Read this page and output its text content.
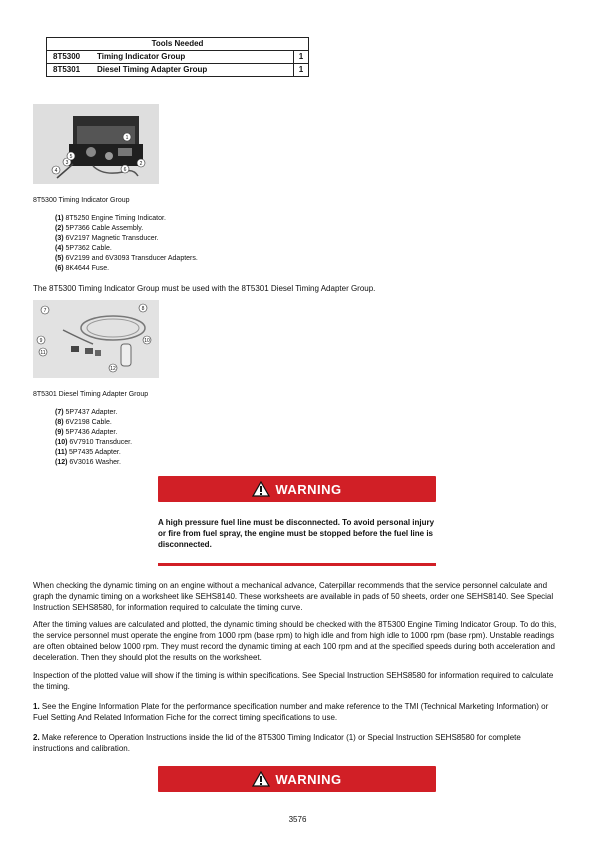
Tools Needed
8T5300	Timing Indicator Group	1
8T5301	Diesel Timing Adapter Group	1
1
2
3
4
5
6
8T5300 Timing Indicator Group
(1) 8T5250 Engine Timing Indicator.
(2) 5P7366 Cable Assembly.
(3) 6V2197 Magnetic Transducer.
(4) 5P7362 Cable.
(5) 6V2199 and 6V3093 Transducer Adapters.
(6) 8K4644 Fuse.
The 8T5300 Timing Indicator Group must be used with the 8T5301 Diesel Timing Adapter Group.
7	8
9	10
11
12
8T5301 Diesel Timing Adapter Group
(7) 5P7437 Adapter.
(8) 6V2198 Cable.
(9) 5P7436 Adapter.
(10) 6V7910 Transducer.
(11) 5P7435 Adapter.
(12) 6V3016 Washer.
WARNING
A high pressure fuel line must be disconnected. To avoid personal injury or fire from fuel spray, the engine must be stopped before the fuel line is disconnected.
When checking the dynamic timing on an engine without a mechanical advance, Caterpillar recommends that the service personnel calculate and graph the dynamic timing on a worksheet like SEHS8140. These worksheets are available in pads of 50 sheets, order one SEHS8140. See Special Instruction SEHS8580, for information required to calculate the timing curve.
After the timing values are calculated and plotted, the dynamic timing should be checked with the 8T5300 Engine Timing Indicator Group. To do this, the service personnel must operate the engine from 1000 rpm (base rpm) to high idle and from high idle to 1000 rpm (base rpm). Unstable readings are often obtained below 1000 rpm. They must record the dynamic timing at each 100 rpm and at the specified speeds during both acceleration and deceleration. Then they should plot the results on the worksheet.
Inspection of the plotted value will show if the timing is within specifications. See Special Instruction SEHS8580 for information required to calculate the timing.
1. See the Engine Information Plate for the performance specification number and make reference to the TMI (Technical Marketing Information) or Fuel Setting And Related Information Fiche for the correct timing specifications to use.
2. Make reference to Operation Instructions inside the lid of the 8T5300 Timing Indicator (1) or Special Instruction SEHS8580 for complete instructions and calibration.
WARNING
3576
